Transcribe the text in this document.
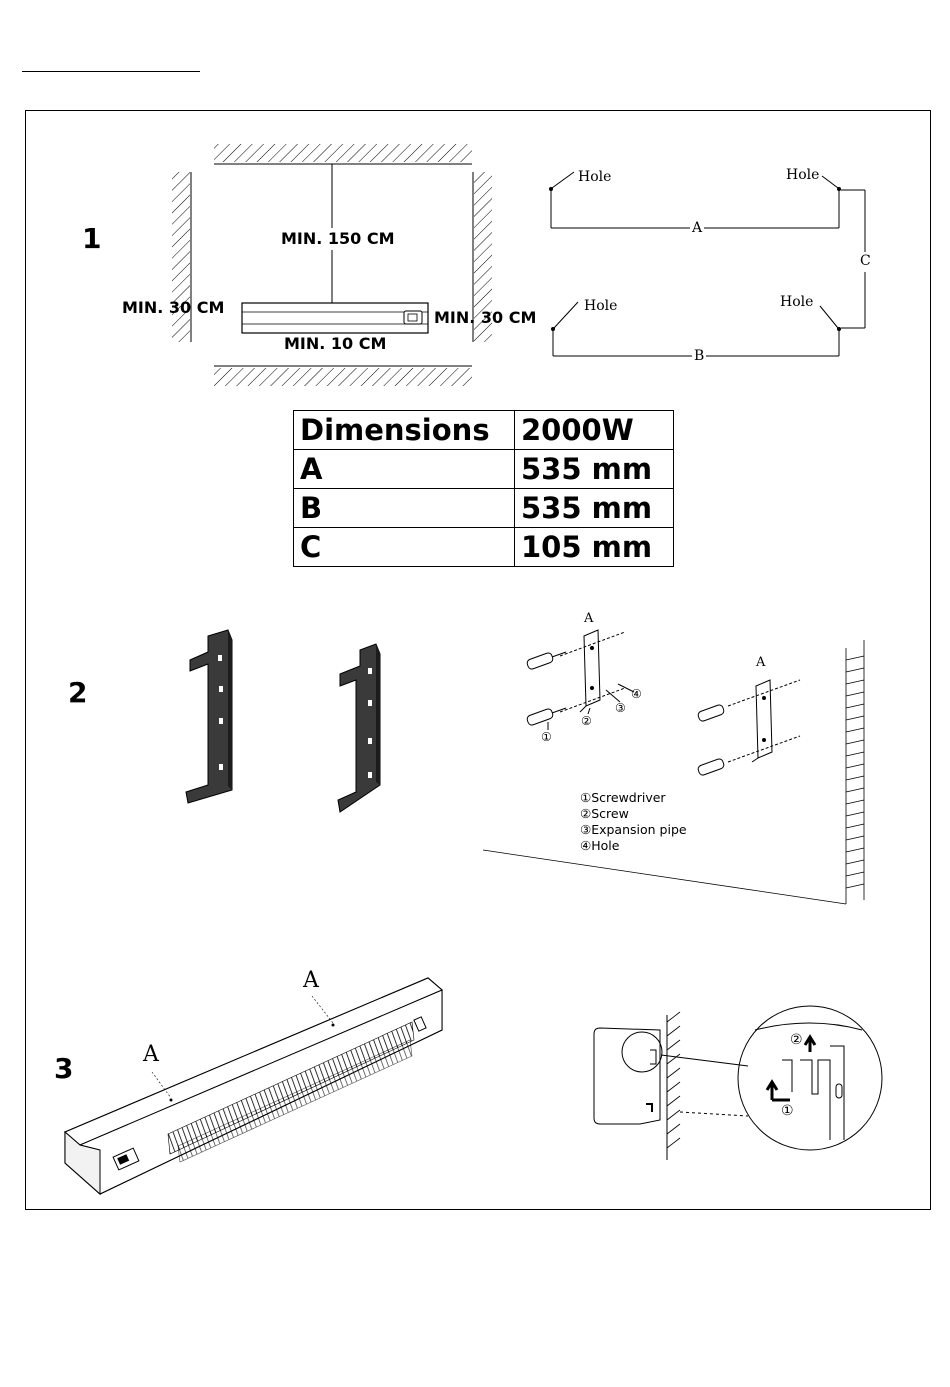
1
2
3
MIN. 150 CM
MIN. 30 CM
MIN. 30 CM
MIN. 10 CM
Hole	Hole
Hole	Hole
A
B
C
Dimensions	2000W
A	535 mm
B	535 mm
C	105 mm
A
A
①
②
③
④
①Screwdriver
②Screw
③Expansion pipe
④Hole
A
A
①
②
